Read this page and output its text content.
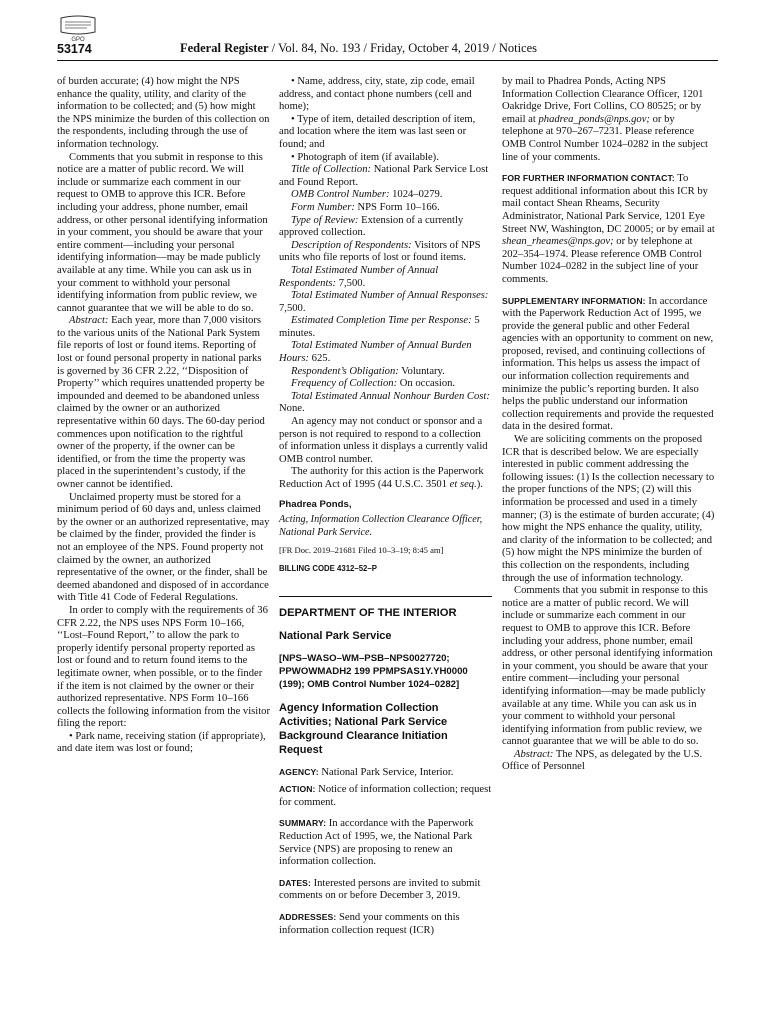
GPO
53174	Federal Register / Vol. 84, No. 193 / Friday, October 4, 2019 / Notices

of burden accurate; (4) how might the NPS enhance the quality, utility, and clarity of the information to be collected; and (5) how might the NPS minimize the burden of this collection on the respondents, including through the use of information technology.

Comments that you submit in response to this notice are a matter of public record. We will include or summarize each comment in our request to OMB to approve this ICR. Before including your address, phone number, email address, or other personal identifying information in your comment, you should be aware that your entire comment—including your personal identifying information—may be made publicly available at any time. While you can ask us in your comment to withhold your personal identifying information from public review, we cannot guarantee that we will be able to do so.

Abstract: Each year, more than 7,000 visitors to the various units of the National Park System file reports of lost or found items. Reporting of lost or found personal property in national parks is governed by 36 CFR 2.22, ‘‘Disposition of Property’’ which requires unattended property be impounded and deemed to be abandoned unless claimed by the owner or an authorized representative within 60 days. The 60-day period commences upon notification to the rightful owner of the property, if the owner can be identified, or from the time the property was placed in the superintendent’s custody, if the owner cannot be identified.

Unclaimed property must be stored for a minimum period of 60 days and, unless claimed by the owner or an authorized representative, may be claimed by the finder, provided the finder is not an employee of the NPS. Found property not claimed by the owner, an authorized representative of the owner, or the finder, shall be deemed abandoned and disposed of in accordance with Title 41 Code of Federal Regulations.

In order to comply with the requirements of 36 CFR 2.22, the NPS uses NPS Form 10–166, ‘‘Lost–Found Report,’’ to allow the park to properly identify personal property reported as lost or found and to return found items to the legitimate owner, when possible, or to the finder if the item is not claimed by the owner or their authorized representative. NPS Form 10–166 collects the following information from the visitor filing the report:

• Park name, receiving station (if appropriate), and date item was lost or found;

• Name, address, city, state, zip code, email address, and contact phone numbers (cell and home);

• Type of item, detailed description of item, and location where the item was last seen or found; and

• Photograph of item (if available).

Title of Collection: National Park Service Lost and Found Report.

OMB Control Number: 1024–0279.

Form Number: NPS Form 10–166.

Type of Review: Extension of a currently approved collection.

Description of Respondents: Visitors of NPS units who file reports of lost or found items.

Total Estimated Number of Annual Respondents: 7,500.

Total Estimated Number of Annual Responses: 7,500.

Estimated Completion Time per Response: 5 minutes.

Total Estimated Number of Annual Burden Hours: 625.

Respondent’s Obligation: Voluntary.

Frequency of Collection: On occasion.

Total Estimated Annual Nonhour Burden Cost: None.

An agency may not conduct or sponsor and a person is not required to respond to a collection of information unless it displays a currently valid OMB control number.

The authority for this action is the Paperwork Reduction Act of 1995 (44 U.S.C. 3501 et seq.).

Phadrea Ponds,
Acting, Information Collection Clearance Officer, National Park Service.
[FR Doc. 2019–21681 Filed 10–3–19; 8:45 am]
BILLING CODE 4312–52–P
DEPARTMENT OF THE INTERIOR
National Park Service
[NPS–WASO–WM–PSB–NPS0027720; PPWOWMADH2 199 PPMPSAS1Y.YH0000 (199); OMB Control Number 1024–0282]
Agency Information Collection Activities; National Park Service Background Clearance Initiation Request

AGENCY: National Park Service, Interior.

ACTION: Notice of information collection; request for comment.

SUMMARY: In accordance with the Paperwork Reduction Act of 1995, we, the National Park Service (NPS) are proposing to renew an information collection.

DATES: Interested persons are invited to submit comments on or before December 3, 2019.

ADDRESSES: Send your comments on this information collection request (ICR)

by mail to Phadrea Ponds, Acting NPS Information Collection Clearance Officer, 1201 Oakridge Drive, Fort Collins, CO 80525; or by email at phadrea_ponds@nps.gov; or by telephone at 970–267–7231. Please reference OMB Control Number 1024–0282 in the subject line of your comments.

FOR FURTHER INFORMATION CONTACT: To request additional information about this ICR by mail contact Shean Rheams, Security Administrator, National Park Service, 1201 Eye Street NW, Washington, DC 20005; or by email at shean_rheames@nps.gov; or by telephone at 202–354–1974. Please reference OMB Control Number 1024–0282 in the subject line of your comments.

SUPPLEMENTARY INFORMATION: In accordance with the Paperwork Reduction Act of 1995, we provide the general public and other Federal agencies with an opportunity to comment on new, proposed, revised, and continuing collections of information. This helps us assess the impact of our information collection requirements and minimize the public’s reporting burden. It also helps the public understand our information collection requirements and provide the requested data in the desired format.

We are soliciting comments on the proposed ICR that is described below. We are especially interested in public comment addressing the following issues: (1) Is the collection necessary to the proper functions of the NPS; (2) will this information be processed and used in a timely manner; (3) is the estimate of burden accurate; (4) how might the NPS enhance the quality, utility, and clarity of the information to be collected; and (5) how might the NPS minimize the burden of this collection on the respondents, including through the use of information technology.

Comments that you submit in response to this notice are a matter of public record. We will include or summarize each comment in our request to OMB to approve this ICR. Before including your address, phone number, email address, or other personal identifying information in your comment, you should be aware that your entire comment—including your personal identifying information—may be made publicly available at any time. While you can ask us in your comment to withhold your personal identifying information from public review, we cannot guarantee that we will be able to do so.

Abstract: The NPS, as delegated by the U.S. Office of Personnel
